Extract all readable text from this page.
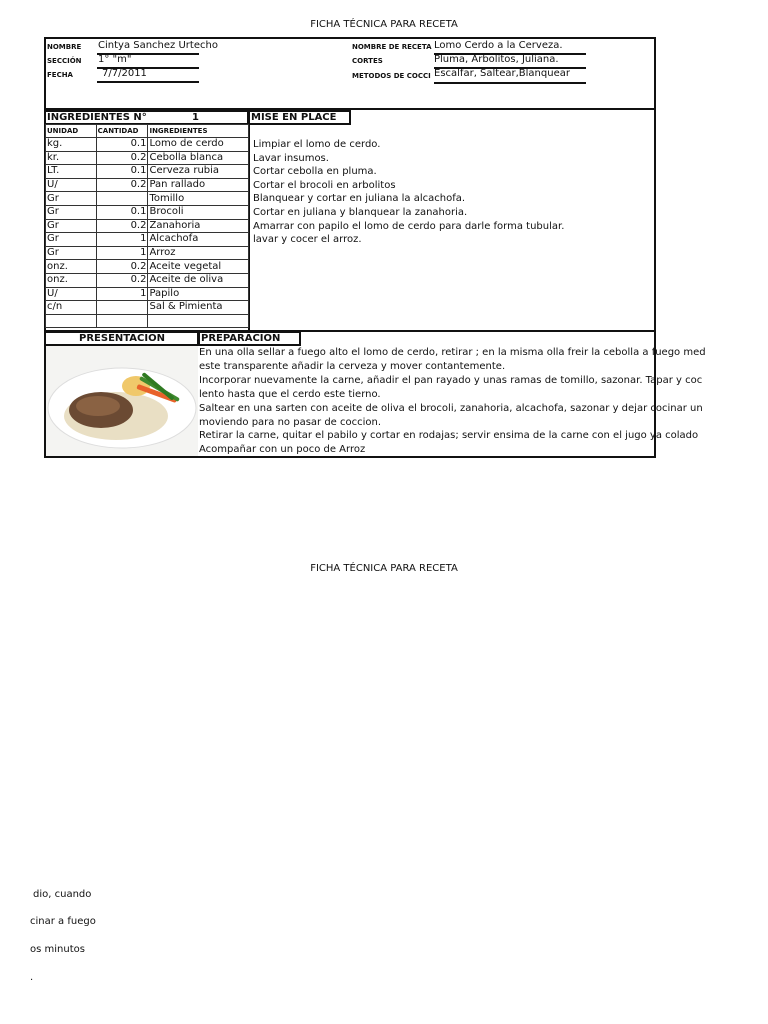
FICHA TÉCNICA PARA RECETA
NOMBRE Cintya Sanchez Urtecho
SECCIÓN 1° "m"
FECHA	7/7/2011
NOMBRE DE RECETA Lomo Cerdo a la Cerveza.
CORTES	Pluma, Arbolitos, Juliana.
METODOS DE COCCI Escalfar, Saltear,Blanquear
INGREDIENTES N°	1	MISE EN PLACE
UNIDAD	CANTIDAD	INGREDIENTES
kg.	0.1	Lomo de cerdo
kr.	0.2	Cebolla blanca
LT.	0.1	Cerveza rubia
U/	0.2	Pan rallado
Gr		Tomillo
Gr	0.1	Brocoli
Gr	0.2	Zanahoria
Gr	1	Alcachofa
Gr	1	Arroz
onz.	0.2	Aceite vegetal
onz.	0.2	Aceite de oliva
U/	1	Papilo
c/n		Sal & Pimienta

Limpiar el lomo de cerdo.
Lavar insumos.
Cortar cebolla en pluma.
Cortar el brocoli en arbolitos
Blanquear y cortar en juliana la alcachofa.
Cortar en juliana y blanquear la zanahoria.
Amarrar con papilo el lomo de cerdo para darle forma tubular.
lavar y cocer el arroz.
PRESENTACION	PREPARACION
En una olla sellar a fuego alto el lomo de cerdo, retirar ; en la misma olla freir la cebolla a fuego med
este transparente añadir la cerveza y mover contantemente.
Incorporar nuevamente la carne, añadir el pan rayado y unas ramas de tomillo, sazonar. Tapar y coc
lento hasta que el cerdo este tierno.
Saltear en una sarten con aceite de oliva el brocoli, zanahoria, alcachofa, sazonar y dejar cocinar un
moviendo para no pasar de coccion.
Retirar la carne, quitar el pabilo y cortar en rodajas; servir ensima de la carne con el jugo ya colado
Acompañar con un poco de Arroz
FICHA TÉCNICA PARA RECETA
dio, cuando
cinar a fuego
os minutos
.
